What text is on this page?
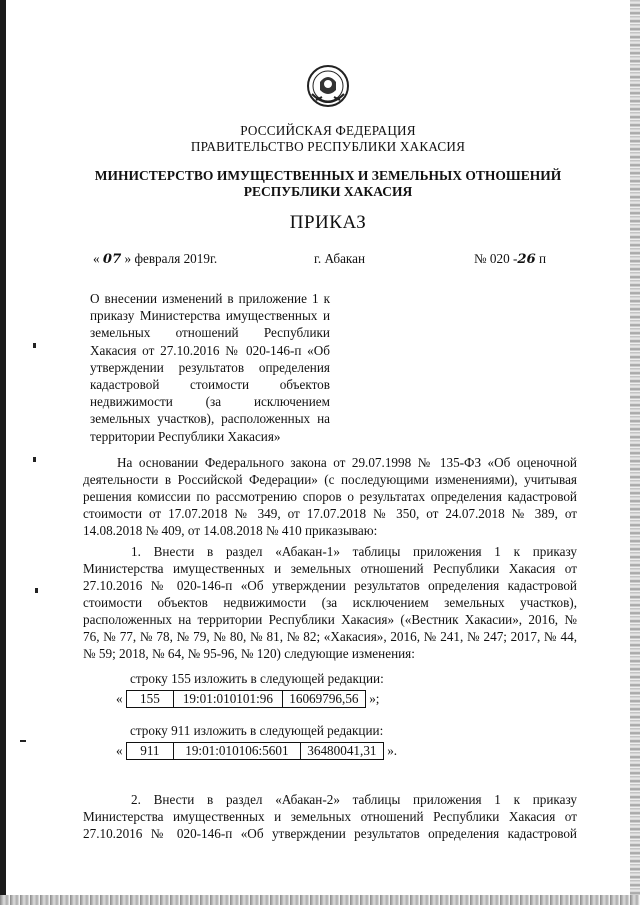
РОССИЙСКАЯ ФЕДЕРАЦИЯ
ПРАВИТЕЛЬСТВО РЕСПУБЛИКИ ХАКАСИЯ
МИНИСТЕРСТВО ИМУЩЕСТВЕННЫХ И ЗЕМЕЛЬНЫХ ОТНОШЕНИЙ
РЕСПУБЛИКИ ХАКАСИЯ
ПРИКАЗ
« 07 » февраля 2019г.	г. Абакан	№ 020 -26 п
О внесении изменений в приложение 1 к
приказу Министерства имущественных и
земельных отношений Республики
Хакасия от 27.10.2016 № 020-146-п «Об
утверждении результатов определения
кадастровой стоимости объектов
недвижимости (за исключением
земельных участков), расположенных на
территории Республики Хакасия»
На основании Федерального закона от 29.07.1998 № 135-ФЗ «Об оценочной
деятельности в Российской Федерации» (с последующими изменениями), учитывая
решения комиссии по рассмотрению споров о результатах определения кадастровой
стоимости от 17.07.2018 № 349, от 17.07.2018 № 350, от 24.07.2018 № 389, от
14.08.2018 № 409, от 14.08.2018 № 410 приказываю:
1. Внести в раздел «Абакан-1» таблицы приложения 1 к приказу
Министерства имущественных и земельных отношений Республики Хакасия от
27.10.2016 № 020-146-п «Об утверждении результатов определения кадастровой
стоимости объектов недвижимости (за исключением земельных участков),
расположенных на территории Республики Хакасия» («Вестник Хакасии», 2016, №
76, № 77, № 78, № 79, № 80, № 81, № 82; «Хакасия», 2016, № 241, № 247; 2017, № 44,
№ 59; 2018, № 64, № 95-96, № 120) следующие изменения:
строку 155 изложить в следующей редакции:
« 155 19:01:010101:96 16069796,56 »;
строку 911 изложить в следующей редакции:
« 911 19:01:010106:5601 36480041,31 ».
2. Внести в раздел «Абакан-2» таблицы приложения 1 к приказу
Министерства имущественных и земельных отношений Республики Хакасия от
27.10.2016 № 020-146-п «Об утверждении результатов определения кадастровой
